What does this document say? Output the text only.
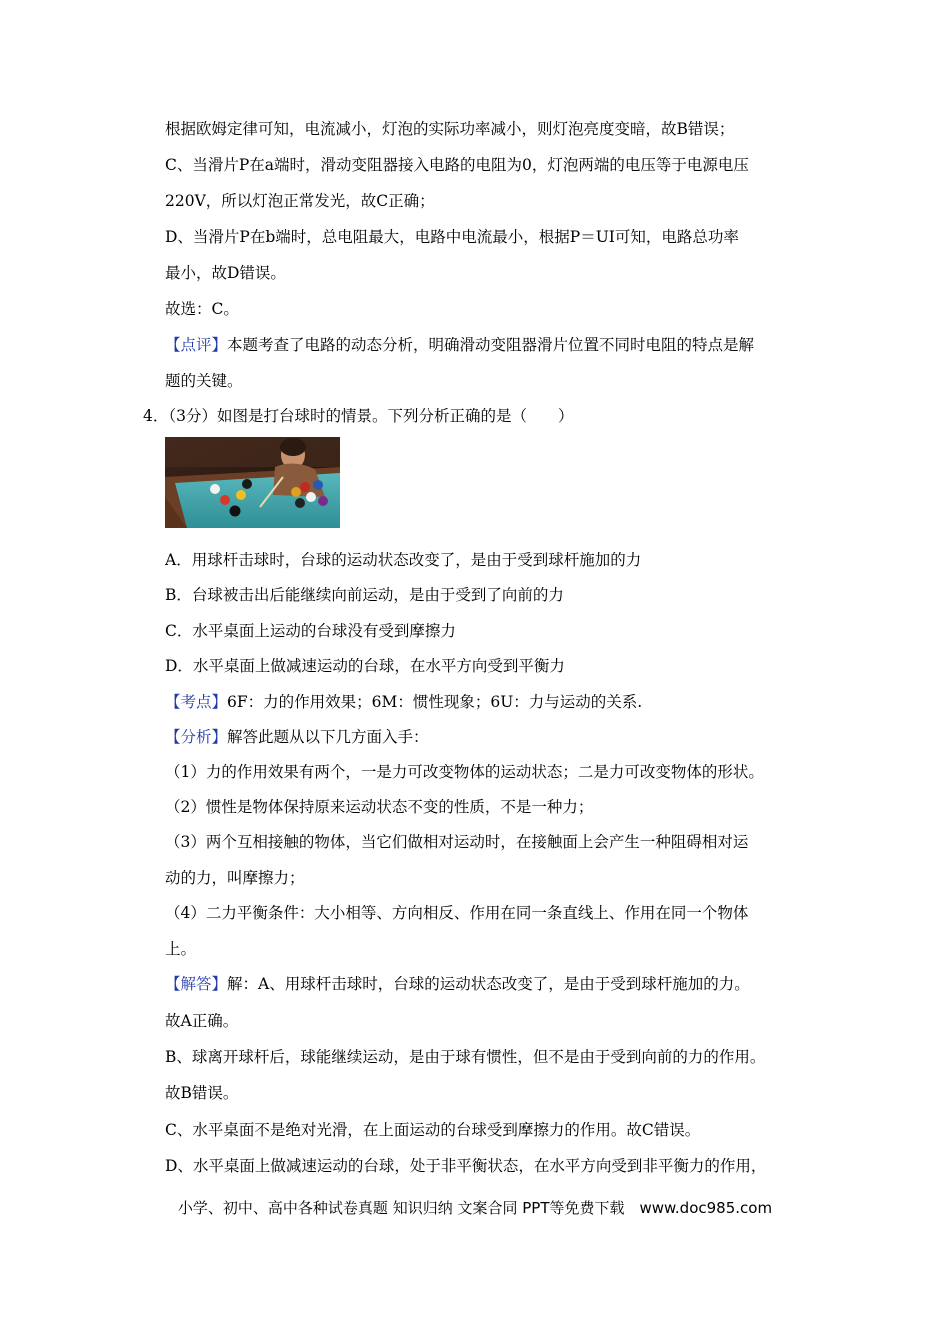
根据欧姆定律可知，电流减小，灯泡的实际功率减小，则灯泡亮度变暗，故B错误；
C、当滑片P在a端时，滑动变阻器接入电路的电阻为0，灯泡两端的电压等于电源电压
220V，所以灯泡正常发光，故C正确；
D、当滑片P在b端时，总电阻最大，电路中电流最小，根据P＝UI可知，电路总功率
最小，故D错误。
故选：C。
【点评】本题考查了电路的动态分析，明确滑动变阻器滑片位置不同时电阻的特点是解
题的关键。
4．（3分）如图是打台球时的情景。下列分析正确的是（　　）
A．用球杆击球时，台球的运动状态改变了，是由于受到球杆施加的力
B．台球被击出后能继续向前运动，是由于受到了向前的力
C．水平桌面上运动的台球没有受到摩擦力
D．水平桌面上做减速运动的台球，在水平方向受到平衡力
【考点】6F：力的作用效果；6M：惯性现象；6U：力与运动的关系.
【分析】解答此题从以下几方面入手：
（1）力的作用效果有两个，一是力可改变物体的运动状态；二是力可改变物体的形状。
（2）惯性是物体保持原来运动状态不变的性质，不是一种力；
（3）两个互相接触的物体，当它们做相对运动时，在接触面上会产生一种阻碍相对运
动的力，叫摩擦力；
（4）二力平衡条件：大小相等、方向相反、作用在同一条直线上、作用在同一个物体
上。
【解答】解：A、用球杆击球时，台球的运动状态改变了，是由于受到球杆施加的力。
故A正确。
B、球离开球杆后，球能继续运动，是由于球有惯性，但不是由于受到向前的力的作用。
故B错误。
C、水平桌面不是绝对光滑，在上面运动的台球受到摩擦力的作用。故C错误。
D、水平桌面上做减速运动的台球，处于非平衡状态，在水平方向受到非平衡力的作用，
小学、初中、高中各种试卷真题 知识归纳 文案合同 PPT等免费下载　www.doc985.com
